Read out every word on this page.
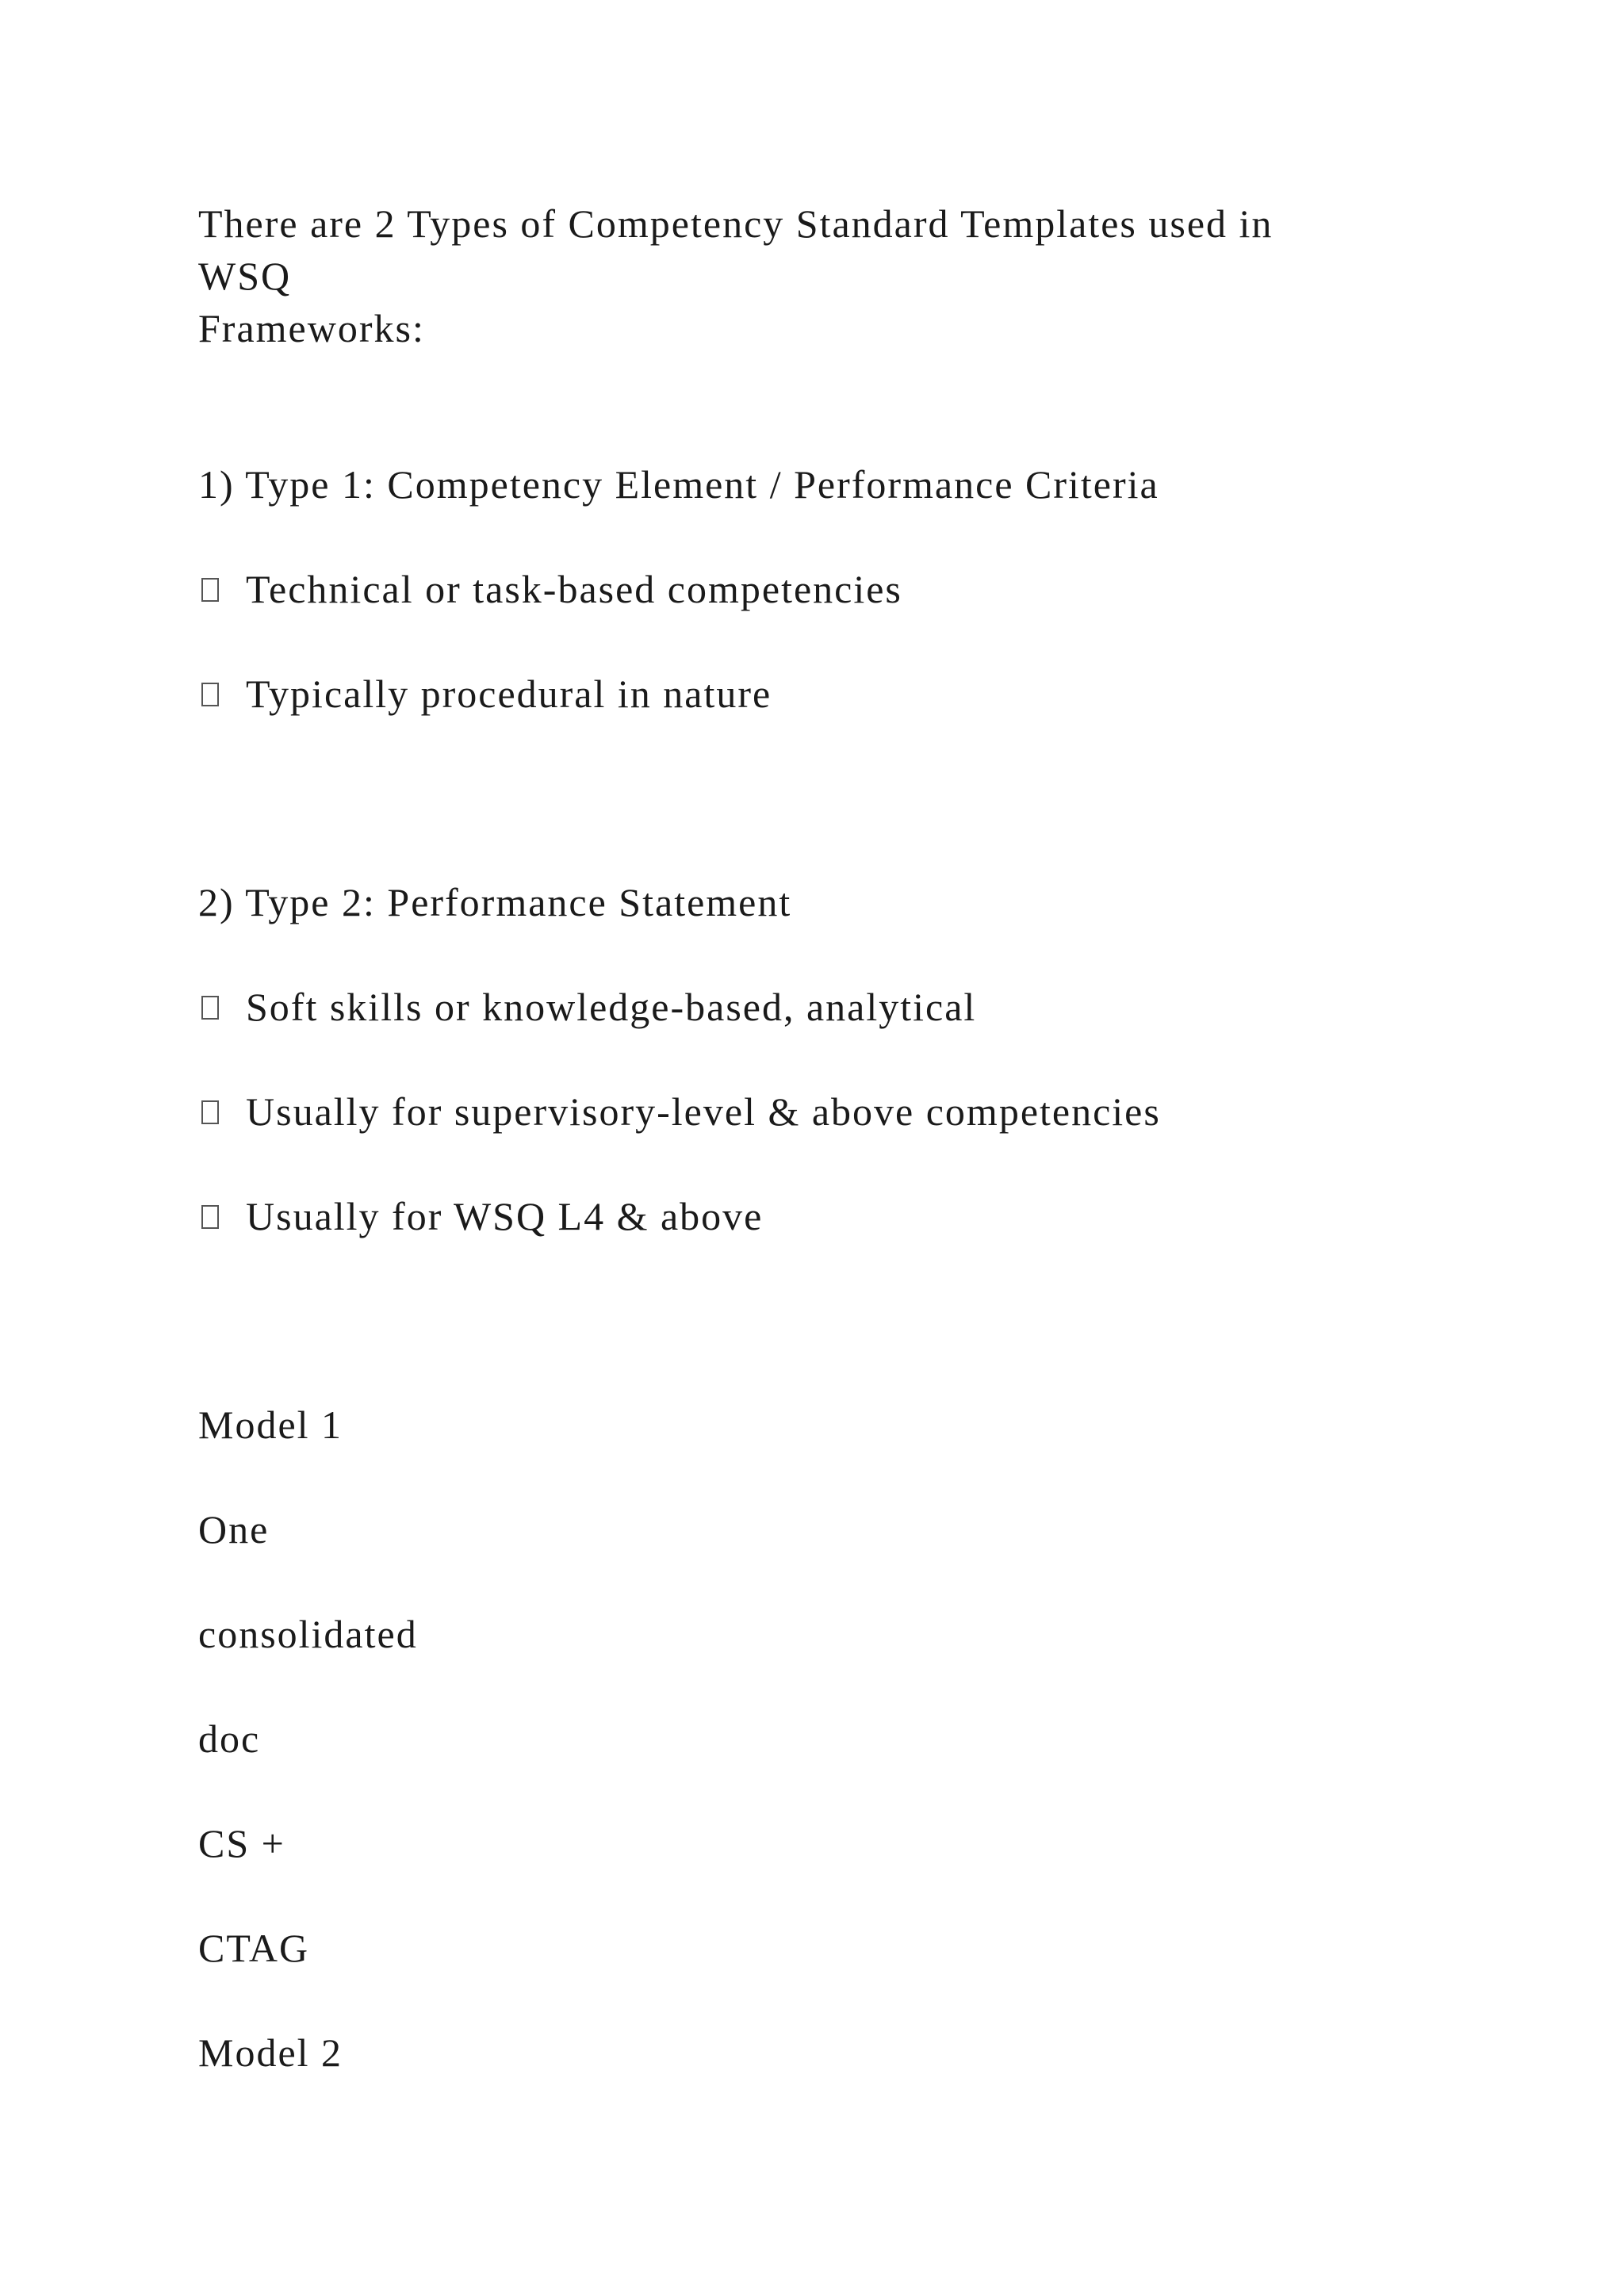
There are 2 Types of Competency Standard Templates used in
WSQ
Frameworks:
1) Type 1: Competency Element / Performance Criteria
Technical or task-based competencies
Typically procedural in nature
2) Type 2: Performance Statement
Soft skills or knowledge-based, analytical
Usually for supervisory-level & above competencies
Usually for WSQ L4 & above
Model 1
One
consolidated
doc
CS +
CTAG
Model 2
